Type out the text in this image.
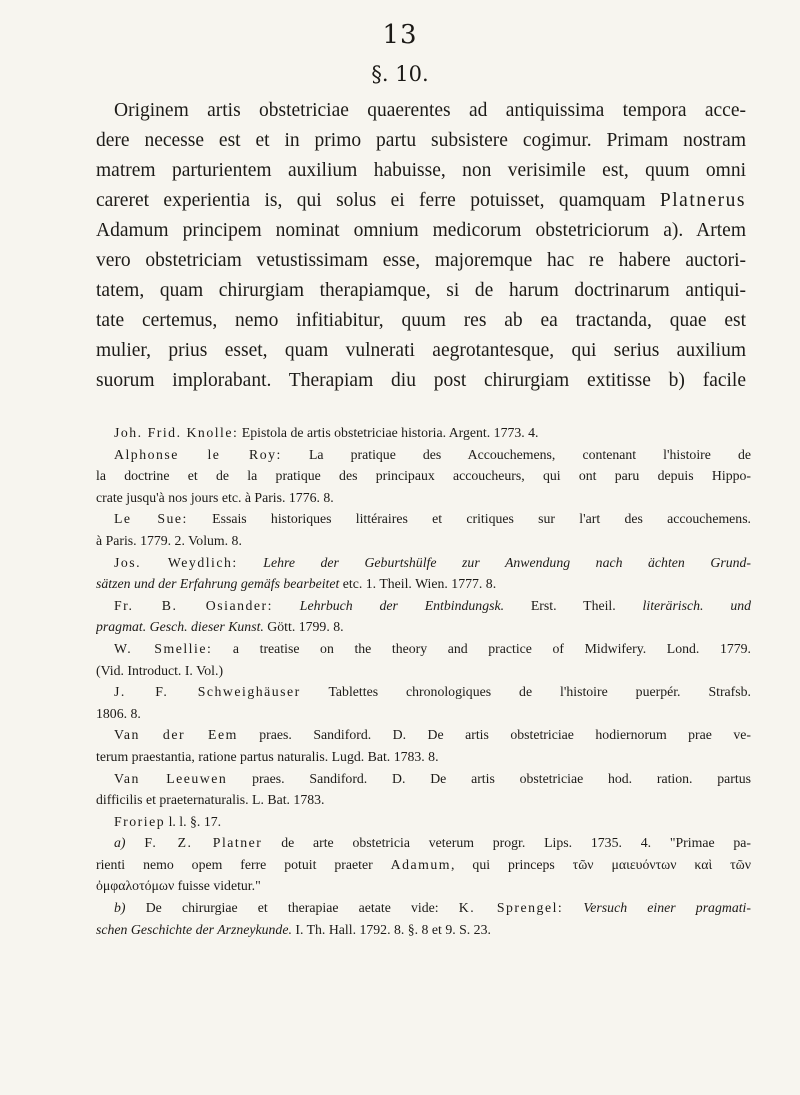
13
§. 10.
Originem artis obstetriciae quaerentes ad antiquissima tempora acce-
dere necesse est et in primo partu subsistere cogimur. Primam nostram
matrem parturientem auxilium habuisse, non verisimile est, quum omni
careret experientia is, qui solus ei ferre potuisset, quamquam Platnerus
Adamum principem nominat omnium medicorum obstetriciorum a). Artem
vero obstetriciam vetustissimam esse, majoremque hac re habere auctori-
tatem, quam chirurgiam therapiamque, si de harum doctrinarum antiqui-
tate certemus, nemo infitiabitur, quum res ab ea tractanda, quae est
mulier, prius esset, quam vulnerati aegrotantesque, qui serius auxilium
suorum implorabant. Therapiam diu post chirurgiam extitisse b) facile
Joh. Frid. Knolle: Epistola de artis obstetriciae historia. Argent. 1773. 4.
Alphonse le Roy: La pratique des Accouchemens, contenant l'histoire de
la doctrine et de la pratique des principaux accoucheurs, qui ont paru depuis Hippo-
crate jusqu'à nos jours etc. à Paris. 1776. 8.
Le Sue: Essais historiques littéraires et critiques sur l'art des accouchemens.
à Paris. 1779. 2. Volum. 8.
Jos. Weydlich: Lehre der Geburtshülfe zur Anwendung nach ächten Grund-
sätzen und der Erfahrung gemäfs bearbeitet etc. 1. Theil. Wien. 1777. 8.
Fr. B. Osiander: Lehrbuch der Entbindungsk. Erst. Theil. literärisch. und
pragmat. Gesch. dieser Kunst. Gött. 1799. 8.
W. Smellie: a treatise on the theory and practice of Midwifery. Lond. 1779.
(Vid. Introduct. I. Vol.)
J. F. Schweighäuser Tablettes chronologiques de l'histoire puerpér. Strafsb.
1806. 8.
Van der Eem praes. Sandiford. D. De artis obstetriciae hodiernorum prae ve-
terum praestantia, ratione partus naturalis. Lugd. Bat. 1783. 8.
Van Leeuwen praes. Sandiford. D. De artis obstetriciae hod. ration. partus
difficilis et praeternaturalis. L. Bat. 1783.
Froriep l. l. §. 17.
a) F. Z. Platner de arte obstetricia veterum progr. Lips. 1735. 4. "Primae pa-
rienti nemo opem ferre potuit praeter Adamum, qui princeps τῶν μαιευόντων καὶ τῶν
ὀμφαλοτόμων fuisse videtur."
b) De chirurgiae et therapiae aetate vide: K. Sprengel: Versuch einer pragmati-
schen Geschichte der Arzneykunde. I. Th. Hall. 1792. 8. §. 8 et 9. S. 23.
